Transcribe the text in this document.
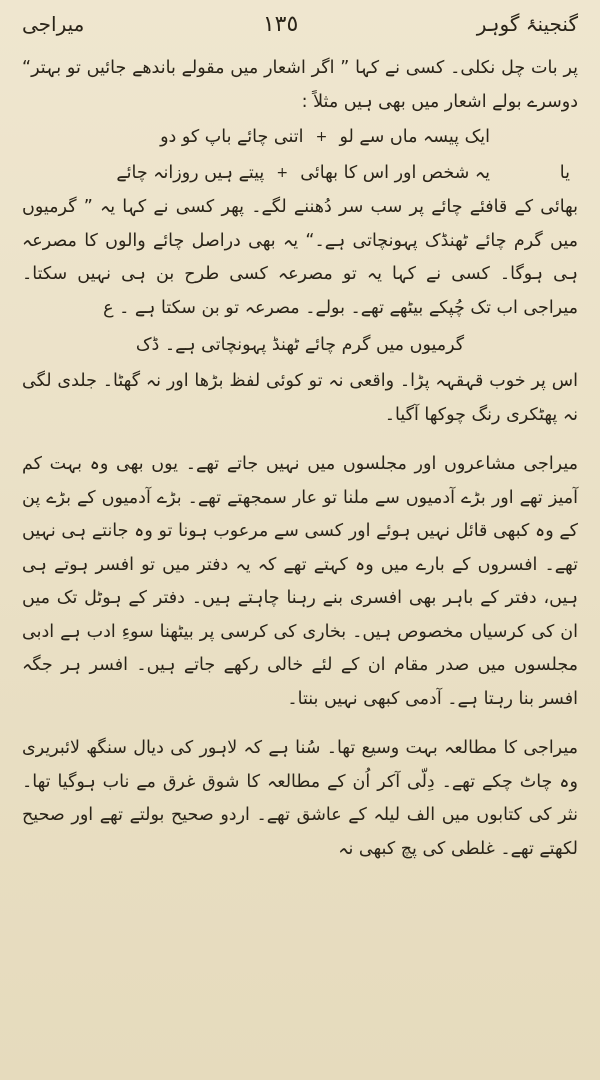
گنجینۂ گوہر
١٣٥
میراجی

پر بات چل نکلی۔ کسی نے کہا ” اگر اشعار میں مقولے باندھے جائیں تو بہتر“ دوسرے بولے اشعار میں بھی ہیں مثلاً :

ایک پیسہ ماں سے لو
+
اتنی چائے باپ کو دو
یا
یہ شخص اور اس کا بھائی
+
پیتے ہیں روزانہ چائے

بھائی کے قافئے چائے پر سب سر دُھننے لگے۔ پھر کسی نے کہا یہ ” گرمیوں میں گرم چائے ٹھنڈک پہونچاتی ہے۔“ یہ بھی دراصل چائے والوں کا مصرعہ ہی ہوگا۔ کسی نے کہا یہ تو مصرعہ کسی طرح بن ہی نہیں سکتا۔ میراجی اب تک چُپکے بیٹھے تھے۔ بولے۔ مصرعہ تو بن سکتا ہے ۔ ع

گرمیوں میں گرم چائے ٹھنڈ پہونچاتی ہے۔ ڈک

اس پر خوب قہقہہ پڑا۔ واقعی نہ تو کوئی لفظ بڑھا اور نہ گھٹا۔ جلدی لگی نہ پھٹکری رنگ چوکھا آگیا۔

میراجی مشاعروں اور مجلسوں میں نہیں جاتے تھے۔ یوں بھی وہ بہت کم آمیز تھے اور بڑے آدمیوں سے ملنا تو عار سمجھتے تھے۔ بڑے آدمیوں کے بڑے پن کے وہ کبھی قائل نہیں ہوئے اور کسی سے مرعوب ہونا تو وہ جانتے ہی نہیں تھے۔ افسروں کے بارے میں وہ کہتے تھے کہ یہ دفتر میں تو افسر ہوتے ہی ہیں، دفتر کے باہر بھی افسری بنے رہنا چاہتے ہیں۔ دفتر کے ہوٹل تک میں ان کی کرسیاں مخصوص ہیں۔ بخاری کی کرسی پر بیٹھنا سوءِ ادب ہے ادبی مجلسوں میں صدر مقام ان کے لئے خالی رکھے جاتے ہیں۔ افسر ہر جگہ افسر بنا رہتا ہے۔ آدمی کبھی نہیں بنتا۔

میراجی کا مطالعہ بہت وسیع تھا۔ سُنا ہے کہ لاہور کی دیال سنگھ لائبریری وہ چاٹ چکے تھے۔ دِلّی آکر اُن کے مطالعہ کا شوق غرق مے ناب ہوگیا تھا۔ نثر کی کتابوں میں الف لیلہ کے عاشق تھے۔ اردو صحیح بولتے تھے اور صحیح لکھتے تھے۔ غلطی کی پچ کبھی نہ
